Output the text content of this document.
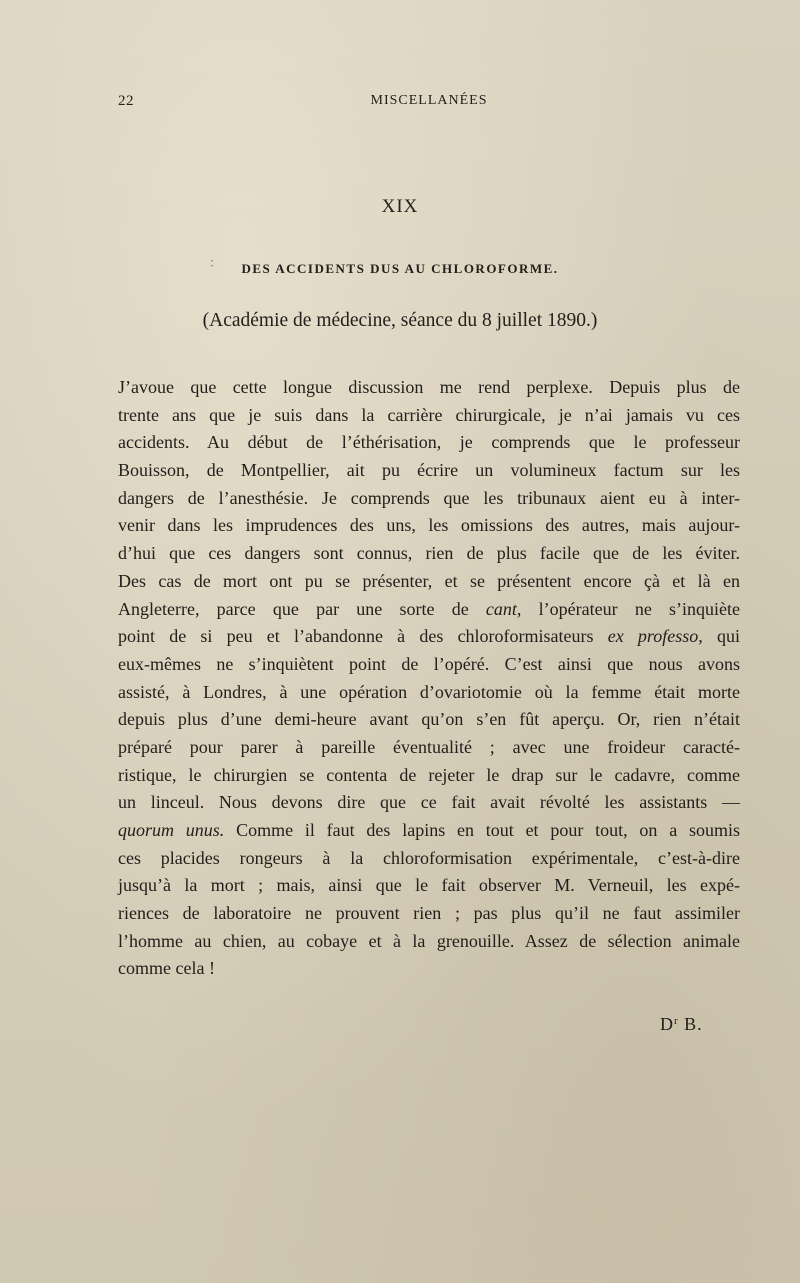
22	MISCELLANÉES
XIX
˸	DES ACCIDENTS DUS AU CHLOROFORME.
(Académie de médecine, séance du 8 juillet 1890.)
J’avoue que cette longue discussion me rend perplexe. Depuis plus de
trente ans que je suis dans la carrière chirurgicale, je n’ai jamais vu ces
accidents. Au début de l’éthérisation, je comprends que le professeur
Bouisson, de Montpellier, ait pu écrire un volumineux factum sur les
dangers de l’anesthésie. Je comprends que les tribunaux aient eu à inter-
venir dans les imprudences des uns, les omissions des autres, mais aujour-
d’hui que ces dangers sont connus, rien de plus facile que de les éviter.
Des cas de mort ont pu se présenter, et se présentent encore çà et là en
Angleterre, parce que par une sorte de cant, l’opérateur ne s’inquiète
point de si peu et l’abandonne à des chloroformisateurs ex professo, qui
eux-mêmes ne s’inquiètent point de l’opéré. C’est ainsi que nous avons
assisté, à Londres, à une opération d’ovariotomie où la femme était morte
depuis plus d’une demi-heure avant qu’on s’en fût aperçu. Or, rien n’était
préparé pour parer à pareille éventualité ; avec une froideur caracté-
ristique, le chirurgien se contenta de rejeter le drap sur le cadavre, comme
un linceul. Nous devons dire que ce fait avait révolté les assistants —
quorum unus. Comme il faut des lapins en tout et pour tout, on a soumis
ces placides rongeurs à la chloroformisation expérimentale, c’est-à-dire
jusqu’à la mort ; mais, ainsi que le fait observer M. Verneuil, les expé-
riences de laboratoire ne prouvent rien ; pas plus qu’il ne faut assimiler
l’homme au chien, au cobaye et à la grenouille. Assez de sélection animale
comme cela !
$D^r$ B.
